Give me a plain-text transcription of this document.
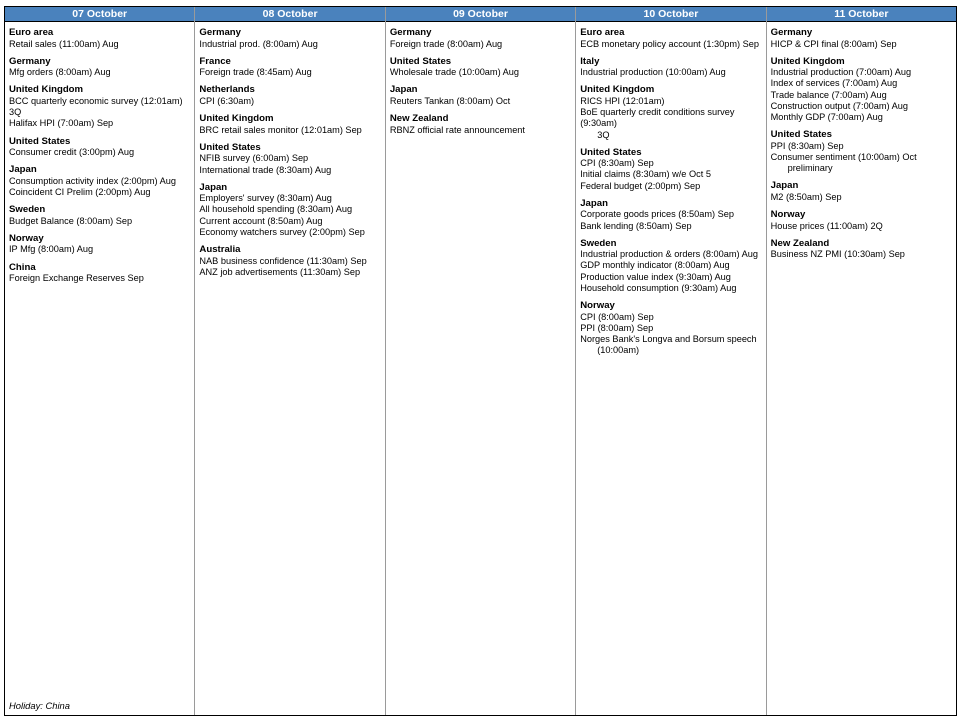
07 October
Euro area
Retail sales (11:00am) Aug
Germany
Mfg orders (8:00am) Aug
United Kingdom
BCC quarterly economic survey (12:01am) 3Q
Halifax HPI (7:00am) Sep
United States
Consumer credit (3:00pm) Aug
Japan
Consumption activity index (2:00pm) Aug
Coincident CI Prelim (2:00pm) Aug
Sweden
Budget Balance (8:00am) Sep
Norway
IP Mfg (8:00am) Aug
China
Foreign Exchange Reserves Sep
Holiday: China
08 October
Germany
Industrial prod. (8:00am) Aug
France
Foreign trade (8:45am) Aug
Netherlands
CPI (6:30am)
United Kingdom
BRC retail sales monitor (12:01am) Sep
United States
NFIB survey (6:00am) Sep
International trade (8:30am) Aug
Japan
Employers' survey (8:30am) Aug
All household spending (8:30am) Aug
Current account (8:50am) Aug
Economy watchers survey (2:00pm) Sep
Australia
NAB business confidence (11:30am) Sep
ANZ job advertisements (11:30am) Sep
09 October
Germany
Foreign trade (8:00am) Aug
United States
Wholesale trade (10:00am) Aug
Japan
Reuters Tankan (8:00am) Oct
New Zealand
RBNZ official rate announcement
10 October
Euro area
ECB monetary policy account (1:30pm) Sep
Italy
Industrial production (10:00am) Aug
United Kingdom
RICS HPI (12:01am)
BoE quarterly credit conditions survey (9:30am)
3Q
United States
CPI (8:30am) Sep
Initial claims (8:30am) w/e Oct 5
Federal budget (2:00pm) Sep
Japan
Corporate goods prices (8:50am) Sep
Bank lending (8:50am) Sep
Sweden
Industrial production & orders (8:00am) Aug
GDP monthly indicator (8:00am) Aug
Production value index (9:30am) Aug
Household consumption (9:30am) Aug
Norway
CPI (8:00am) Sep
PPI (8:00am) Sep
Norges Bank's Longva and Borsum speech
(10:00am)
11 October
Germany
HICP & CPI final (8:00am) Sep
United Kingdom
Industrial production (7:00am) Aug
Index of services (7:00am) Aug
Trade balance (7:00am) Aug
Construction output (7:00am) Aug
Monthly GDP (7:00am) Aug
United States
PPI (8:30am) Sep
Consumer sentiment (10:00am) Oct
preliminary
Japan
M2 (8:50am) Sep
Norway
House prices (11:00am) 2Q
New Zealand
Business NZ PMI (10:30am) Sep
